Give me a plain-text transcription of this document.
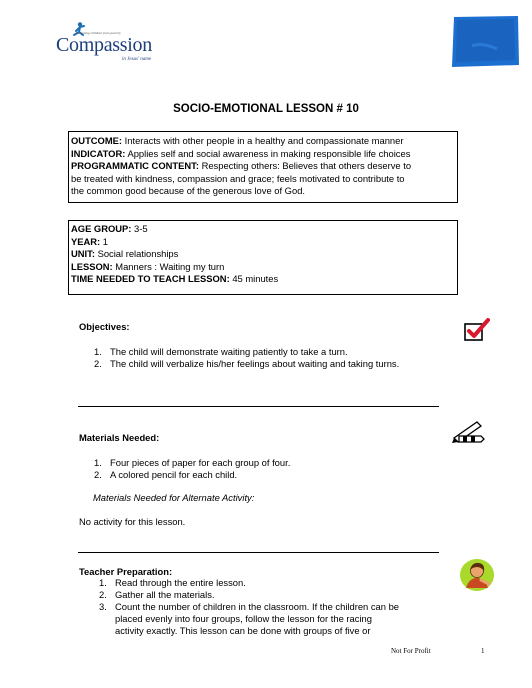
Releasing children from poverty
Compassion
in Jesus' name
SOCIO-EMOTIONAL LESSON # 10

OUTCOME: Interacts with other people in a healthy and compassionate manner

INDICATOR: Applies self and social awareness in making responsible life choices

PROGRAMMATIC CONTENT: Respecting others: Believes that others deserve to

be treated with kindness, compassion and grace; feels motivated to contribute to

the common good because of the generous love of God.

AGE GROUP: 3-5

YEAR: 1

UNIT: Social relationships

LESSON: Manners : Waiting my turn

TIME NEEDED TO TEACH LESSON: 45 minutes

Objectives:
1. The child will demonstrate waiting patiently to take a turn.
2. The child will verbalize his/her feelings about waiting and taking turns.
Materials Needed:
1. Four pieces of paper for each group of four.
2. A colored pencil for each child.
Materials Needed for Alternate Activity:
No activity for this lesson.
Teacher Preparation:
1. Read through the entire lesson.
2. Gather all the materials.
3. Count the number of children in the classroom. If the children can be
placed evenly into four groups, follow the lesson for the racing
activity exactly. This lesson can be done with groups of five or
Not For Profit	1
